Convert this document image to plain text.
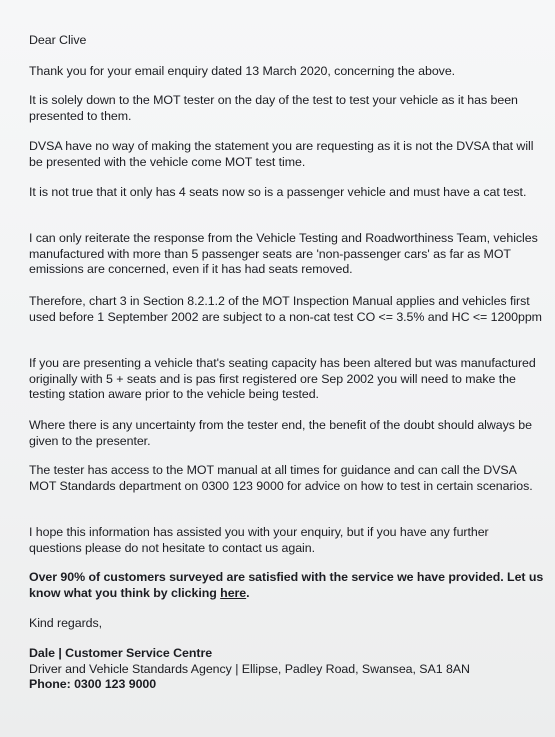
Dear Clive

Thank you for your email enquiry dated 13 March 2020, concerning the above.

It is solely down to the MOT tester on the day of the test to test your vehicle as it has been presented to them.

DVSA have no way of making the statement you are requesting as it is not the DVSA that will be presented with the vehicle come MOT test time.

It is not true that it only has 4 seats now so is a passenger vehicle and must have a cat test.

I can only reiterate the response from the Vehicle Testing and Roadworthiness Team, vehicles manufactured with more than 5 passenger seats are 'non-passenger cars' as far as MOT emissions are concerned, even if it has had seats removed.

Therefore, chart 3 in Section 8.2.1.2 of the MOT Inspection Manual applies and vehicles first used before 1 September 2002 are subject to a non-cat test CO <= 3.5% and HC <= 1200ppm

If you are presenting a vehicle that's seating capacity has been altered but was manufactured originally with 5 + seats and is pas first registered ore Sep 2002 you will need to make the testing station aware prior to the vehicle being tested.

Where there is any uncertainty from the tester end, the benefit of the doubt should always be given to the presenter.

The tester has access to the MOT manual at all times for guidance and can call the DVSA MOT Standards department on 0300 123 9000 for advice on how to test in certain scenarios.

I hope this information has assisted you with your enquiry, but if you have any further questions please do not hesitate to contact us again.

Over 90% of customers surveyed are satisfied with the service we have provided. Let us know what you think by clicking here.

Kind regards,

Dale | Customer Service Centre
Driver and Vehicle Standards Agency | Ellipse, Padley Road, Swansea, SA1 8AN
Phone: 0300 123 9000
